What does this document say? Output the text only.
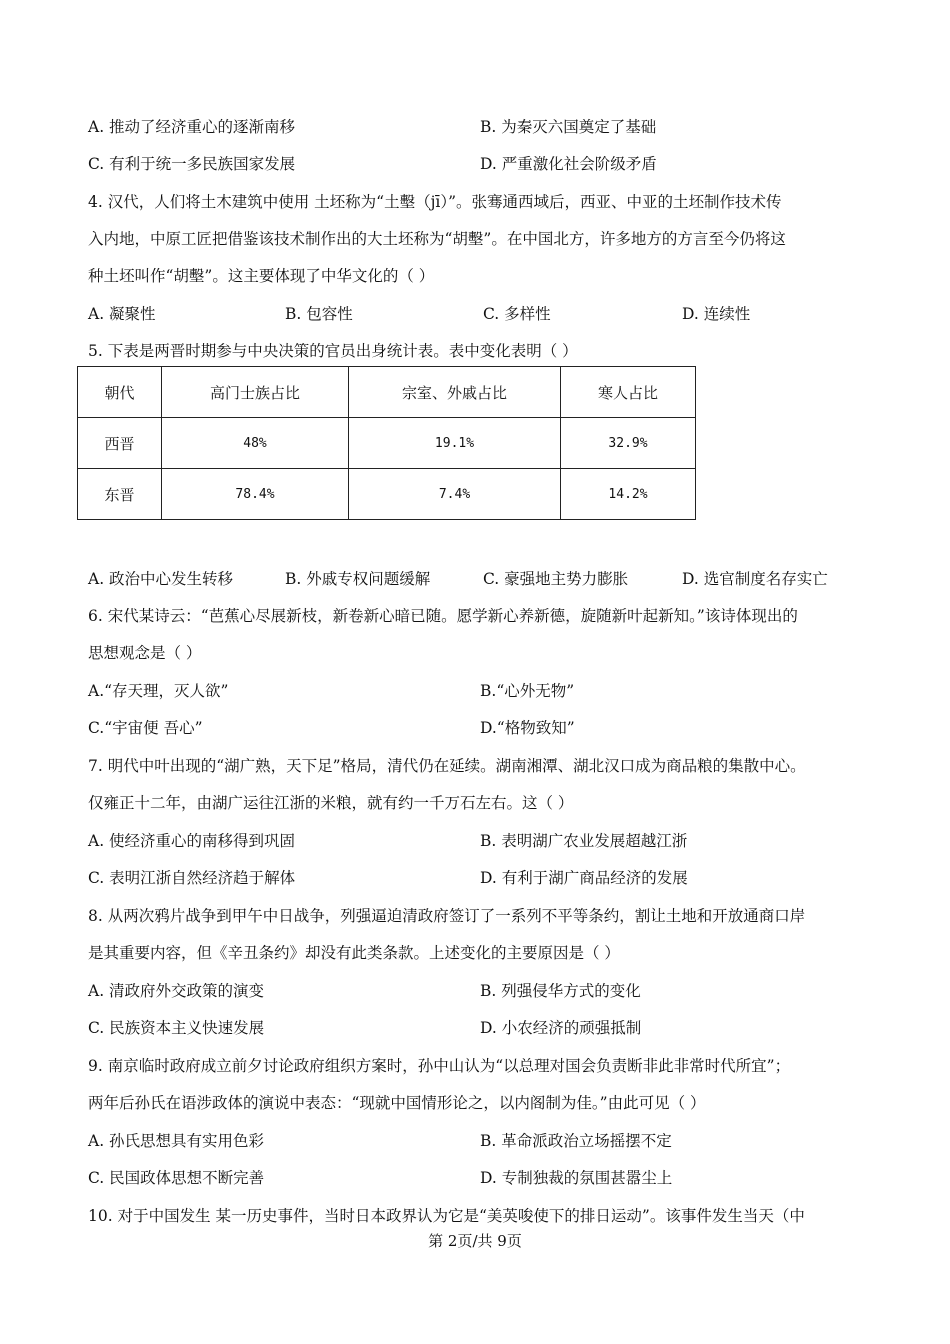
A. 推动了经济重心的逐渐南移	B. 为秦灭六国奠定了基础
C. 有利于统一多民族国家发展	D. 严重激化社会阶级矛盾
4. 汉代，人们将土木建筑中使用 土坯称为“土墼（jī）”。张骞通西域后，西亚、中亚的土坯制作技术传
入内地，中原工匠把借鉴该技术制作出的大土坯称为“胡墼”。在中国北方，许多地方的方言至今仍将这
种土坯叫作“胡墼”。这主要体现了中华文化的（ ）
A. 凝聚性	B. 包容性	C. 多样性	D. 连续性
5. 下表是两晋时期参与中央决策的官员出身统计表。表中变化表明（ ）
朝代	高门士族占比	宗室、外戚占比	寒人占比
西晋	48%	19.1%	32.9%
东晋	78.4%	7.4%	14.2%
A. 政治中心发生转移	B. 外戚专权问题缓解	C. 豪强地主势力膨胀	D. 选官制度名存实亡
6. 宋代某诗云：“芭蕉心尽展新枝，新卷新心暗已随。愿学新心养新德，旋随新叶起新知。”该诗体现出的
思想观念是（ ）
A.“存天理，灭人欲”	B.“心外无物”
C.“宇宙便 吾心”	D.“格物致知”
7. 明代中叶出现的“湖广熟，天下足”格局，清代仍在延续。湖南湘潭、湖北汉口成为商品粮的集散中心。
仅雍正十二年，由湖广运往江浙的米粮，就有约一千万石左右。这（ ）
A. 使经济重心的南移得到巩固	B. 表明湖广农业发展超越江浙
C. 表明江浙自然经济趋于解体	D. 有利于湖广商品经济的发展
8. 从两次鸦片战争到甲午中日战争，列强逼迫清政府签订了一系列不平等条约，割让土地和开放通商口岸
是其重要内容，但《辛丑条约》却没有此类条款。上述变化的主要原因是（ ）
A. 清政府外交政策的演变	B. 列强侵华方式的变化
C. 民族资本主义快速发展	D. 小农经济的顽强抵制
9. 南京临时政府成立前夕讨论政府组织方案时，孙中山认为“以总理对国会负责断非此非常时代所宜”；
两年后孙氏在语涉政体的演说中表态：“现就中国情形论之，以内阁制为佳。”由此可见（ ）
A. 孙氏思想具有实用色彩	B. 革命派政治立场摇摆不定
C. 民国政体思想不断完善	D. 专制独裁的氛围甚嚣尘上
10. 对于中国发生 某一历史事件，当时日本政界认为它是“美英唆使下的排日运动”。该事件发生当天（中
第 2页/共 9页
